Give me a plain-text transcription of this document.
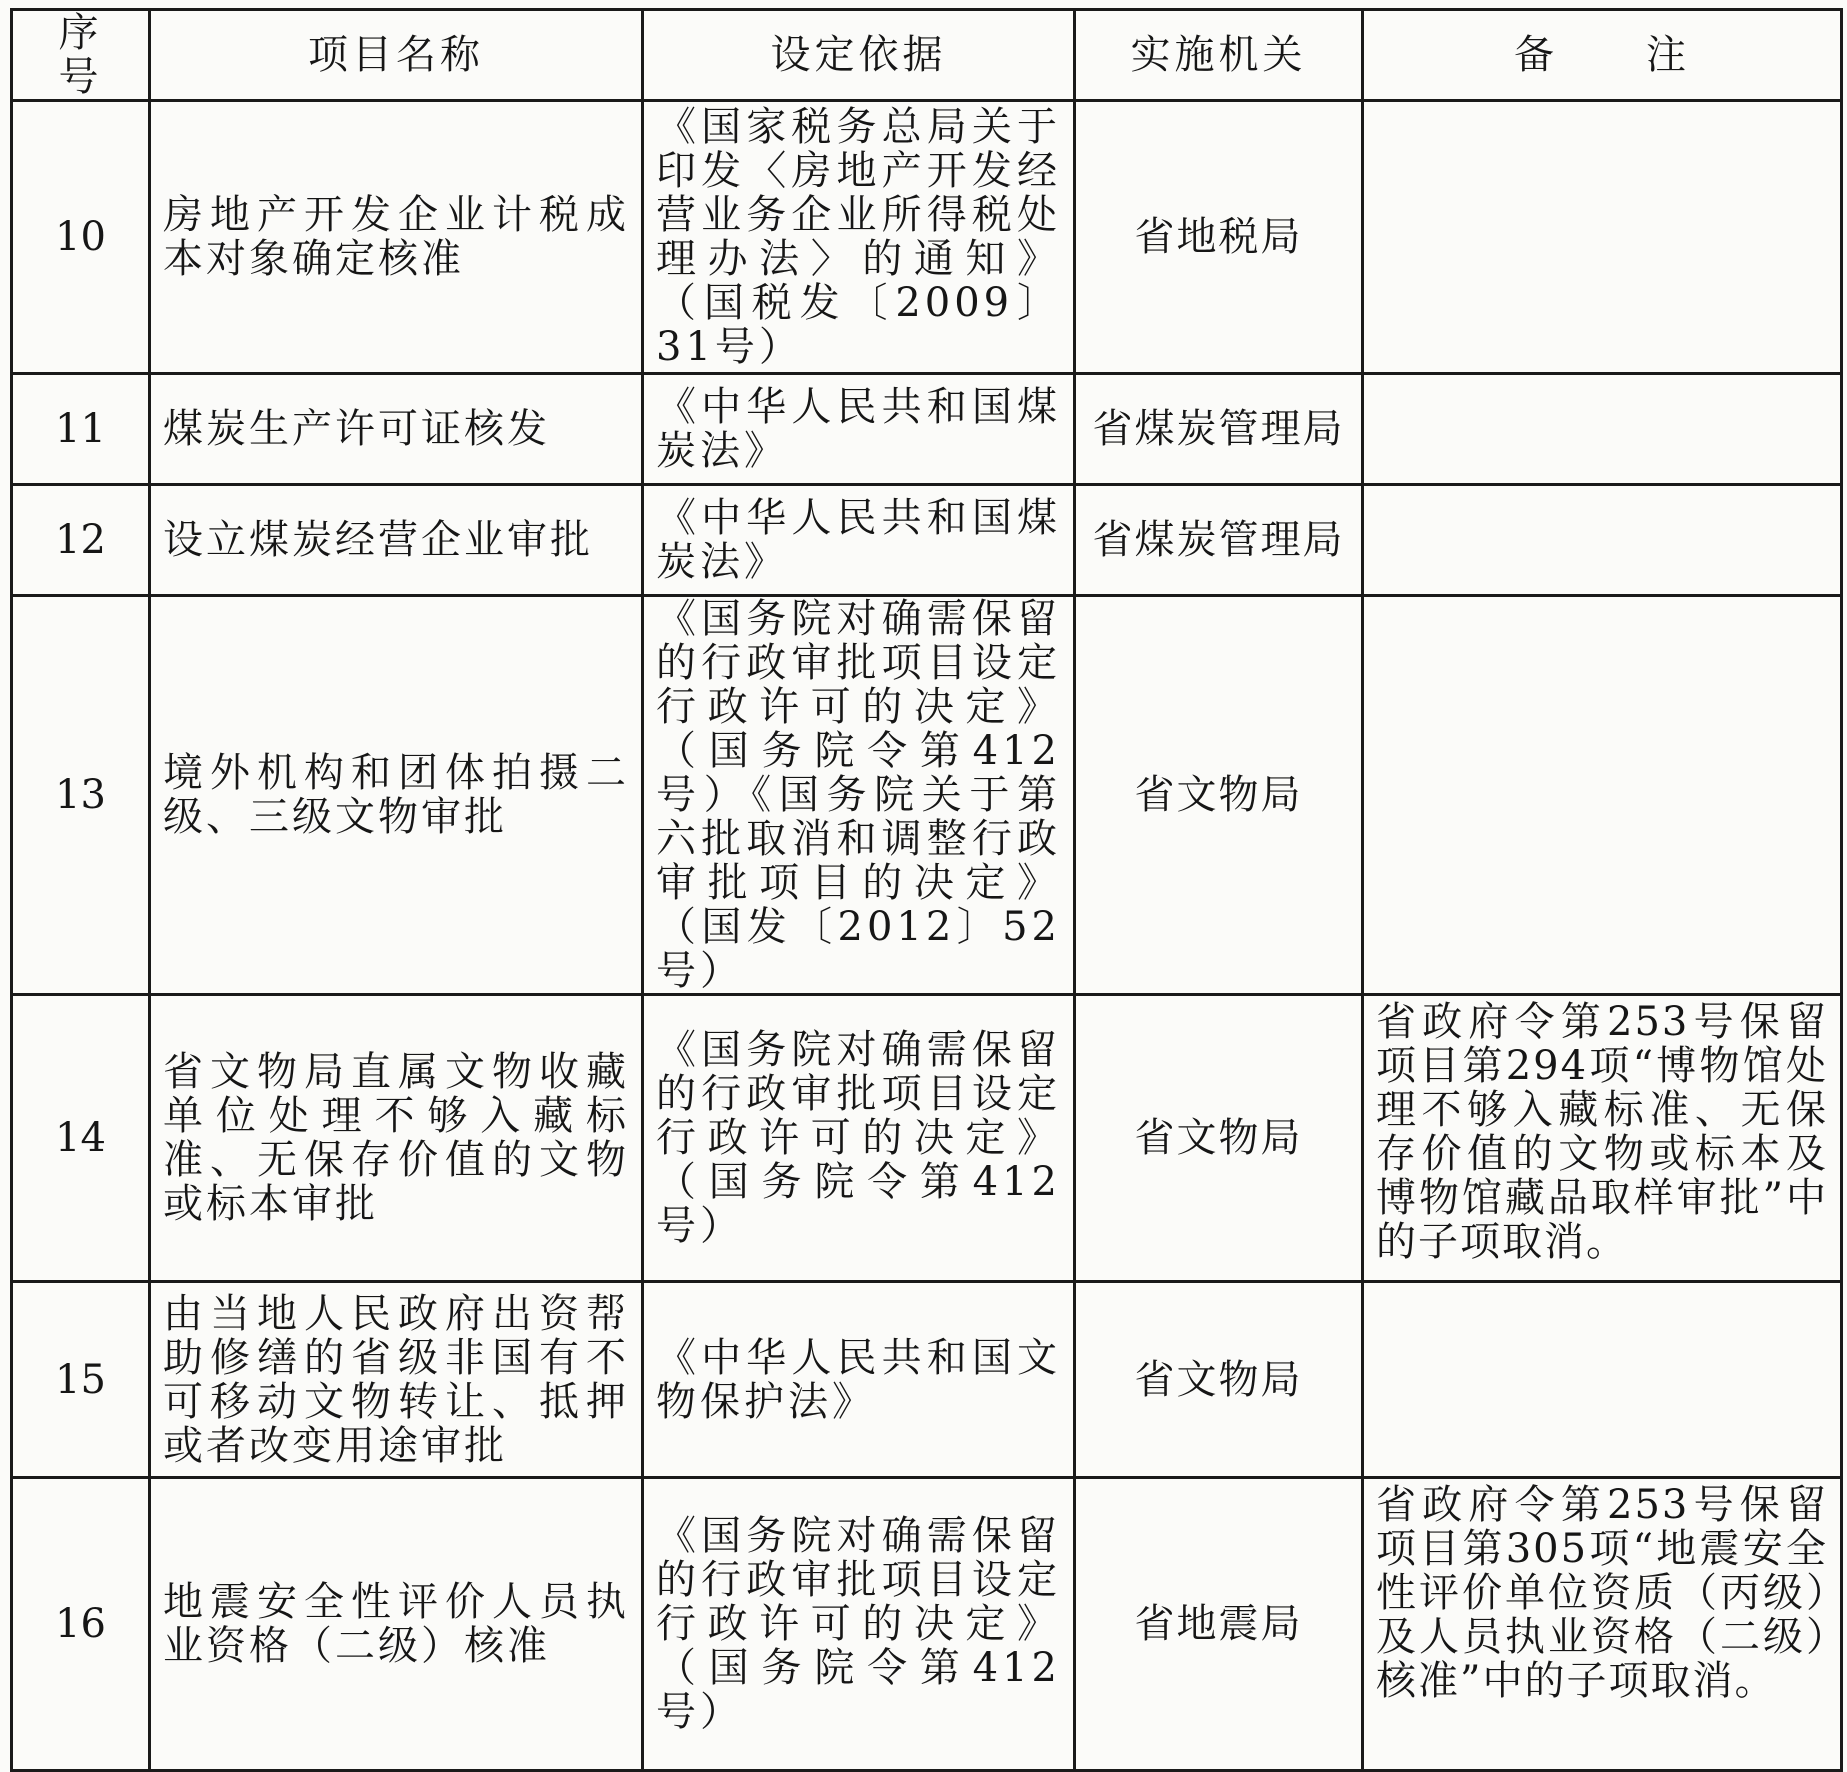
序　号	项目名称	设定依据	实施机关	备　　注
10	房地产开发企业计税成本对象确定核准	《国家税务总局关于印发〈房地产开发经营业务企业所得税处理办法〉的通知》（国税发〔2009〕31号）	省地税局	
11	煤炭生产许可证核发	《中华人民共和国煤炭法》	省煤炭管理局	
12	设立煤炭经营企业审批	《中华人民共和国煤炭法》	省煤炭管理局	
13	境外机构和团体拍摄二级、三级文物审批	《国务院对确需保留的行政审批项目设定行政许可的决定》（国务院令第412号）《国务院关于第六批取消和调整行政审批项目的决定》（国发〔2012〕52号）	省文物局	
14	省文物局直属文物收藏单位处理不够入藏标准、无保存价值的文物或标本审批	《国务院对确需保留的行政审批项目设定行政许可的决定》（国务院令第412号）	省文物局	省政府令第253号保留项目第294项“博物馆处理不够入藏标准、无保存价值的文物或标本及博物馆藏品取样审批”中的子项取消。
15	由当地人民政府出资帮助修缮的省级非国有不可移动文物转让、抵押或者改变用途审批	《中华人民共和国文物保护法》	省文物局	
16	地震安全性评价人员执业资格（二级）核准	《国务院对确需保留的行政审批项目设定行政许可的决定》（国务院令第412号）	省地震局	省政府令第253号保留项目第305项“地震安全性评价单位资质（丙级）及人员执业资格（二级）核准”中的子项取消。
